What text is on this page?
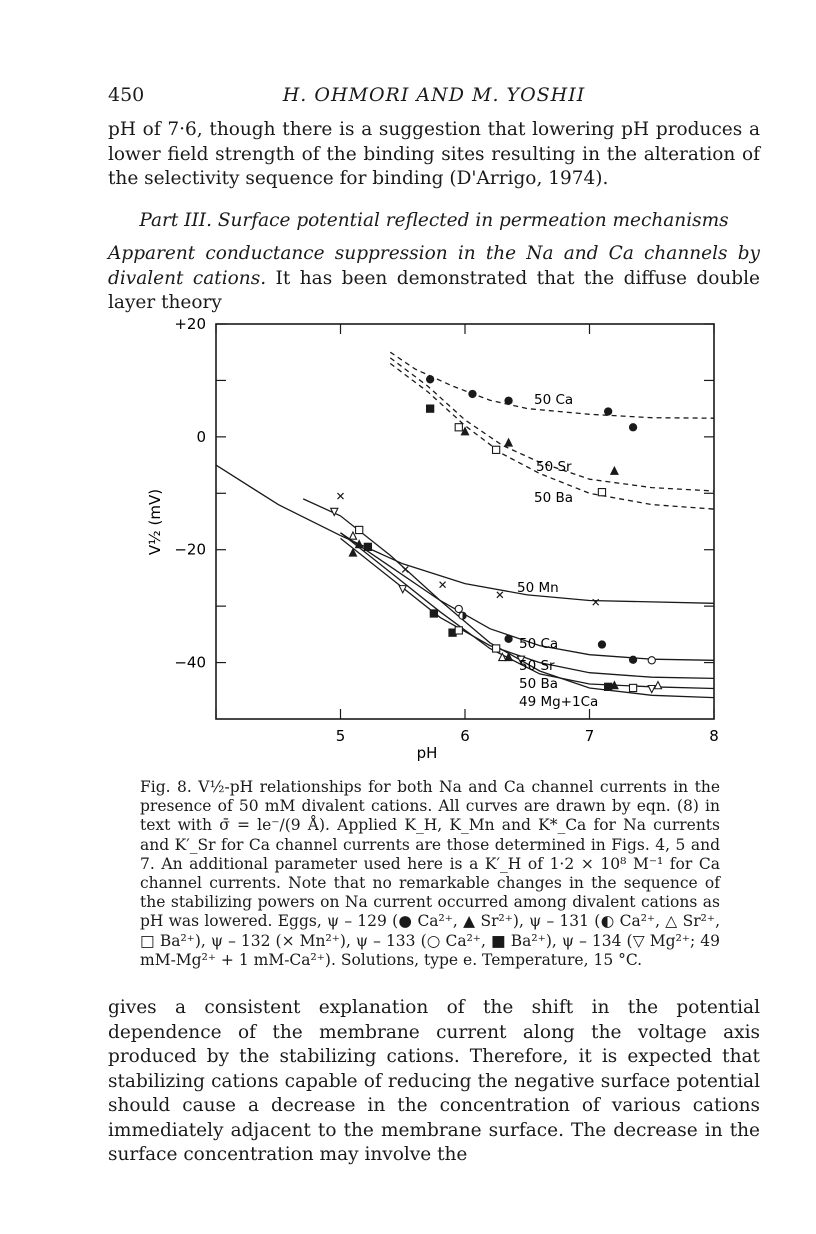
450	H. OHMORI AND M. YOSHII

pH of 7·6, though there is a suggestion that lowering pH produces a lower field strength of the binding sites resulting in the alteration of the selectivity sequence for binding (D'Arrigo, 1974).

Part III. Surface potential reflected in permeation mechanisms

Apparent conductance suppression in the Na and Ca channels by divalent cations. It has been demonstrated that the diffuse double layer theory

5	6	7	8
+20
0
−20
−40
50 Ca
50 Sr
50 Ba
50 Mn
50 Ca
50 Sr
50 Ba
49 Mg+1Ca
pH
V½ (mV)

Fig. 8. V½-pH relationships for both Na and Ca channel currents in the presence of 50 mM divalent cations. All curves are drawn by eqn. (8) in text with σ̄ = le⁻/(9 Å). Applied K_H, K_Mn and K*_Ca for Na currents and K′_Sr for Ca channel currents are those determined in Figs. 4, 5 and 7. An additional parameter used here is a K′_H of 1·2 × 10⁸ M⁻¹ for Ca channel currents. Note that no remarkable changes in the sequence of the stabilizing powers on Na current occurred among divalent cations as pH was lowered. Eggs, ψ – 129 (● Ca²⁺, ▲ Sr²⁺), ψ – 131 (◐ Ca²⁺, △ Sr²⁺, □ Ba²⁺), ψ – 132 (× Mn²⁺), ψ – 133 (○ Ca²⁺, ■ Ba²⁺), ψ – 134 (▽ Mg²⁺; 49 mM-Mg²⁺ + 1 mM-Ca²⁺). Solutions, type e. Temperature, 15 °C.

gives a consistent explanation of the shift in the potential dependence of the membrane current along the voltage axis produced by the stabilizing cations. Therefore, it is expected that stabilizing cations capable of reducing the negative surface potential should cause a decrease in the concentration of various cations immediately adjacent to the membrane surface. The decrease in the surface concentration may involve the
